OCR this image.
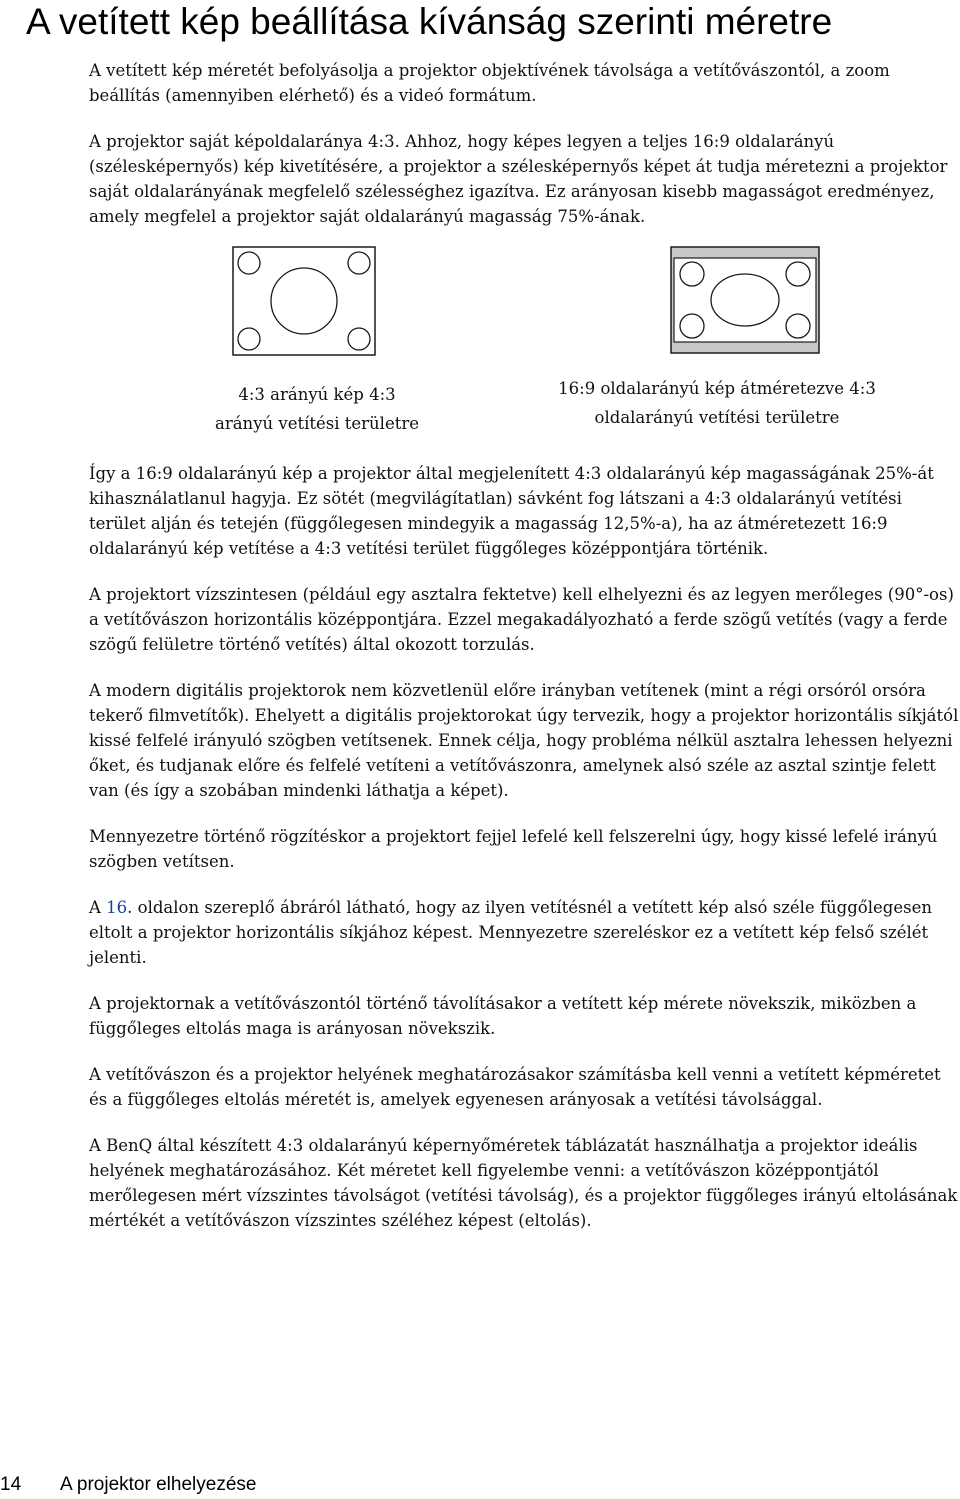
A vetített kép beállítása kívánság szerinti méretre

A vetített kép méretét befolyásolja a projektor objektívének távolsága a vetítővászontól, a zoom beállítás (amennyiben elérhető) és a videó formátum.

A projektor saját képoldalaránya 4:3. Ahhoz, hogy képes legyen a teljes 16:9 oldalarányú (szélesképernyős) kép kivetítésére, a projektor a szélesképernyős képet át tudja méretezni a projektor saját oldalarányának megfelelő szélességhez igazítva. Ez arányosan kisebb magasságot eredményez, amely megfelel a projektor saját oldalarányú magasság 75%-ának.

4:3 arányú kép 4:3
arányú vetítési területre
16:9 oldalarányú kép átméretezve 4:3
oldalarányú vetítési területre

Így a 16:9 oldalarányú kép a projektor által megjelenített 4:3 oldalarányú kép magasságának 25%-át kihasználatlanul hagyja. Ez sötét (megvilágítatlan) sávként fog látszani a 4:3 oldalarányú vetítési terület alján és tetején (függőlegesen mindegyik a magasság 12,5%-a), ha az átméretezett 16:9 oldalarányú kép vetítése a 4:3 vetítési terület függőleges középpontjára történik.

A projektort vízszintesen (például egy asztalra fektetve) kell elhelyezni és az legyen merőleges (90°-os) a vetítővászon horizontális középpontjára. Ezzel megakadályozható a ferde szögű vetítés (vagy a ferde szögű felületre történő vetítés) által okozott torzulás.

A modern digitális projektorok nem közvetlenül előre irányban vetítenek (mint a régi orsóról orsóra tekerő filmvetítők). Ehelyett a digitális projektorokat úgy tervezik, hogy a projektor horizontális síkjától kissé felfelé irányuló szögben vetítsenek. Ennek célja, hogy probléma nélkül asztalra lehessen helyezni őket, és tudjanak előre és felfelé vetíteni a vetítővászonra, amelynek alsó széle az asztal szintje felett van (és így a szobában mindenki láthatja a képet).

Mennyezetre történő rögzítéskor a projektort fejjel lefelé kell felszerelni úgy, hogy kissé lefelé irányú szögben vetítsen.

A 16. oldalon szereplő ábráról látható, hogy az ilyen vetítésnél a vetített kép alsó széle függőlegesen eltolt a projektor horizontális síkjához képest. Mennyezetre szereléskor ez a vetített kép felső szélét jelenti.

A projektornak a vetítővászontól történő távolításakor a vetített kép mérete növekszik, miközben a függőleges eltolás maga is arányosan növekszik.

A vetítővászon és a projektor helyének meghatározásakor számításba kell venni a vetített képméretet és a függőleges eltolás méretét is, amelyek egyenesen arányosak a vetítési távolsággal.

A BenQ által készített 4:3 oldalarányú képernyőméretek táblázatát használhatja a projektor ideális helyének meghatározásához. Két méretet kell figyelembe venni: a vetítővászon középpontjától merőlegesen mért vízszintes távolságot (vetítési távolság), és a projektor függőleges irányú eltolásának mértékét a vetítővászon vízszintes széléhez képest (eltolás).

14 A projektor elhelyezése
